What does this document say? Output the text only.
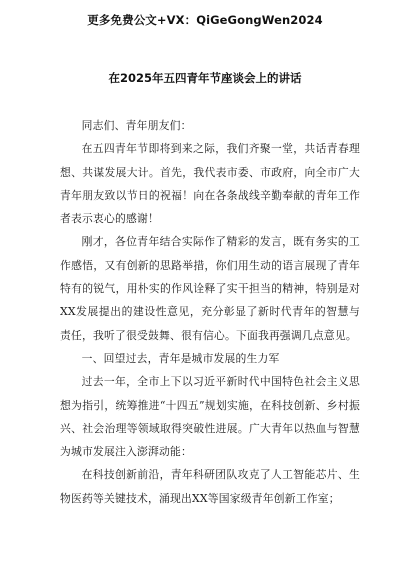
更多免费公文+VX：QiGeGongWen2024
在2025年五四青年节座谈会上的讲话

同志们、青年朋友们：

在五四青年节即将到来之际，我们齐聚一堂，共话青春理想、共谋发展大计。首先，我代表市委、市政府，向全市广大青年朋友致以节日的祝福！向在各条战线辛勤奉献的青年工作者表示衷心的感谢！

刚才，各位青年结合实际作了精彩的发言，既有务实的工作感悟，又有创新的思路举措，你们用生动的语言展现了青年特有的锐气，用朴实的作风诠释了实干担当的精神，特别是对XX发展提出的建设性意见，充分彰显了新时代青年的智慧与责任，我听了很受鼓舞、很有信心。下面我再强调几点意见。

一、回望过去，青年是城市发展的生力军

过去一年，全市上下以习近平新时代中国特色社会主义思想为指引，统筹推进“十四五”规划实施，在科技创新、乡村振兴、社会治理等领域取得突破性进展。广大青年以热血与智慧为城市发展注入澎湃动能：

在科技创新前沿，青年科研团队攻克了人工智能芯片、生物医药等关键技术，涌现出XX等国家级青年创新工作室；
